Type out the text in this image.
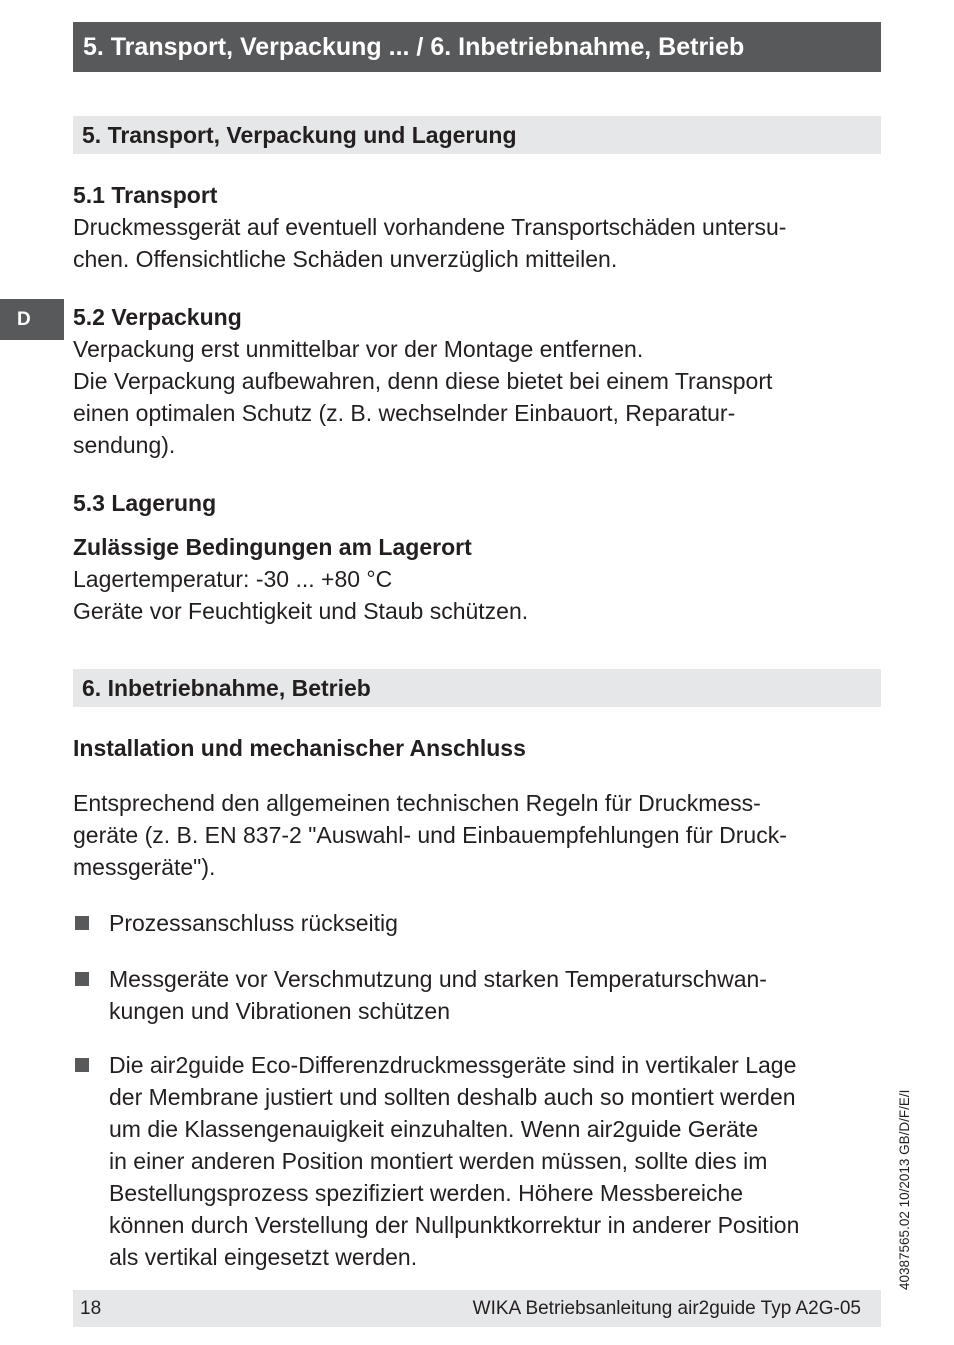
5. Transport, Verpackung ... / 6. Inbetriebnahme, Betrieb
D
5. Transport, Verpackung und Lagerung

5.1 Transport

Druckmessgerät auf eventuell vorhandene Transportschäden untersu-

chen. Offensichtliche Schäden unverzüglich mitteilen.

5.2 Verpackung

Verpackung erst unmittelbar vor der Montage entfernen.

Die Verpackung aufbewahren, denn diese bietet bei einem Transport

einen optimalen Schutz (z. B. wechselnder Einbauort, Reparatur-

sendung).

5.3 Lagerung

Zulässige Bedingungen am Lagerort

Lagertemperatur: -30 ... +80 °C

Geräte vor Feuchtigkeit und Staub schützen.

6. Inbetriebnahme, Betrieb

Installation und mechanischer Anschluss

Entsprechend den allgemeinen technischen Regeln für Druckmess-

geräte (z. B. EN 837-2 "Auswahl- und Einbauempfehlungen für Druck-

messgeräte").

Prozessanschluss rückseitig

Messgeräte vor Verschmutzung und starken Temperaturschwan-

kungen und Vibrationen schützen

Die air2guide Eco-Differenzdruckmessgeräte sind in vertikaler Lage

der Membrane justiert und sollten deshalb auch so montiert werden

um die Klassengenauigkeit einzuhalten. Wenn air2guide Geräte

in einer anderen Position montiert werden müssen, sollte dies im

Bestellungsprozess spezifiziert werden. Höhere Messbereiche

können durch Verstellung der Nullpunktkorrektur in anderer Position

als vertikal eingesetzt werden.	40387565.02 10/2013 GB/D/F/E/I
18	WIKA Betriebsanleitung air2guide Typ A2G-05
